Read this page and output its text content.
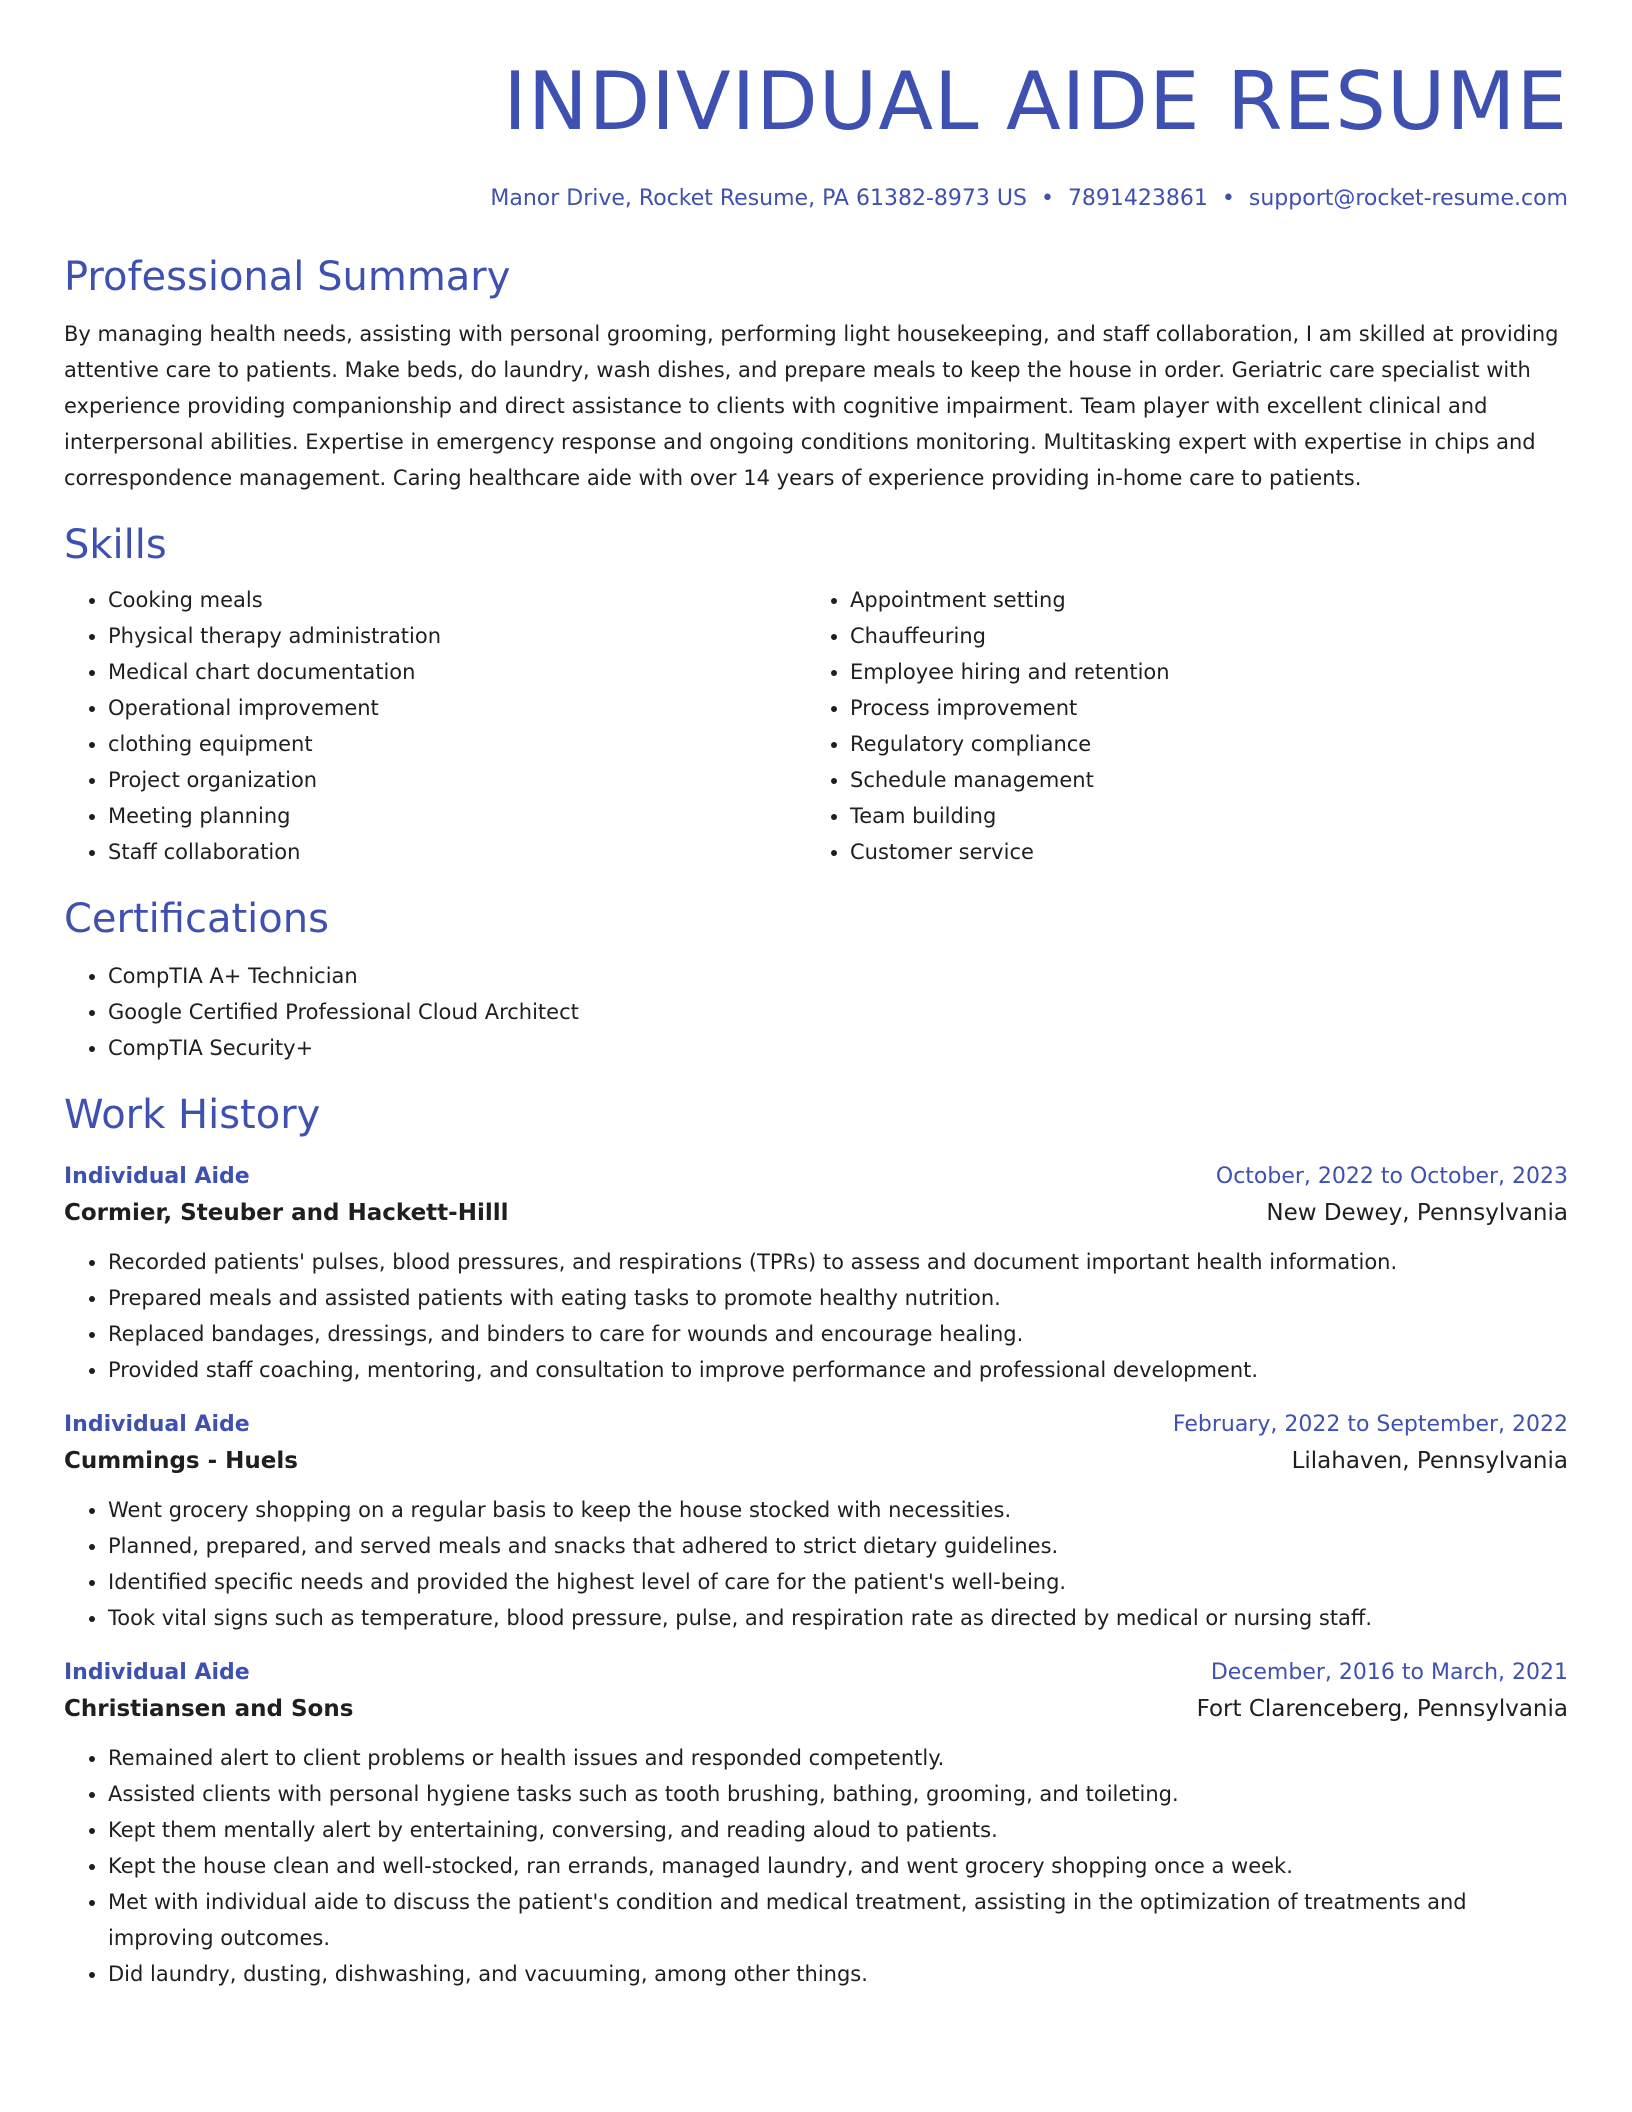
INDIVIDUAL AIDE RESUME
Manor Drive, Rocket Resume, PA 61382-8973 US • 7891423861 • support@rocket-resume.com
Professional Summary

By managing health needs, assisting with personal grooming, performing light housekeeping, and staff collaboration, I am skilled at providing attentive care to patients. Make beds, do laundry, wash dishes, and prepare meals to keep the house in order. Geriatric care specialist with experience providing companionship and direct assistance to clients with cognitive impairment. Team player with excellent clinical and interpersonal abilities. Expertise in emergency response and ongoing conditions monitoring. Multitasking expert with expertise in chips and correspondence management. Caring healthcare aide with over 14 years of experience providing in-home care to patients.

Skills
• Cooking meals
• Physical therapy administration
• Medical chart documentation
• Operational improvement
• clothing equipment
• Project organization
• Meeting planning
• Staff collaboration
• Appointment setting
• Chauffeuring
• Employee hiring and retention
• Process improvement
• Regulatory compliance
• Schedule management
• Team building
• Customer service
Certifications
• CompTIA A+ Technician
• Google Certified Professional Cloud Architect
• CompTIA Security+
Work History
Individual Aide	October, 2022 to October, 2023
Cormier, Steuber and Hackett-Hilll	New Dewey, Pennsylvania
• Recorded patients' pulses, blood pressures, and respirations (TPRs) to assess and document important health information.
• Prepared meals and assisted patients with eating tasks to promote healthy nutrition.
• Replaced bandages, dressings, and binders to care for wounds and encourage healing.
• Provided staff coaching, mentoring, and consultation to improve performance and professional development.
Individual Aide	February, 2022 to September, 2022
Cummings - Huels	Lilahaven, Pennsylvania
• Went grocery shopping on a regular basis to keep the house stocked with necessities.
• Planned, prepared, and served meals and snacks that adhered to strict dietary guidelines.
• Identified specific needs and provided the highest level of care for the patient's well-being.
• Took vital signs such as temperature, blood pressure, pulse, and respiration rate as directed by medical or nursing staff.
Individual Aide	December, 2016 to March, 2021
Christiansen and Sons	Fort Clarenceberg, Pennsylvania
• Remained alert to client problems or health issues and responded competently.
• Assisted clients with personal hygiene tasks such as tooth brushing, bathing, grooming, and toileting.
• Kept them mentally alert by entertaining, conversing, and reading aloud to patients.
• Kept the house clean and well-stocked, ran errands, managed laundry, and went grocery shopping once a week.
• Met with individual aide to discuss the patient's condition and medical treatment, assisting in the optimization of treatments and improving outcomes.
• Did laundry, dusting, dishwashing, and vacuuming, among other things.
